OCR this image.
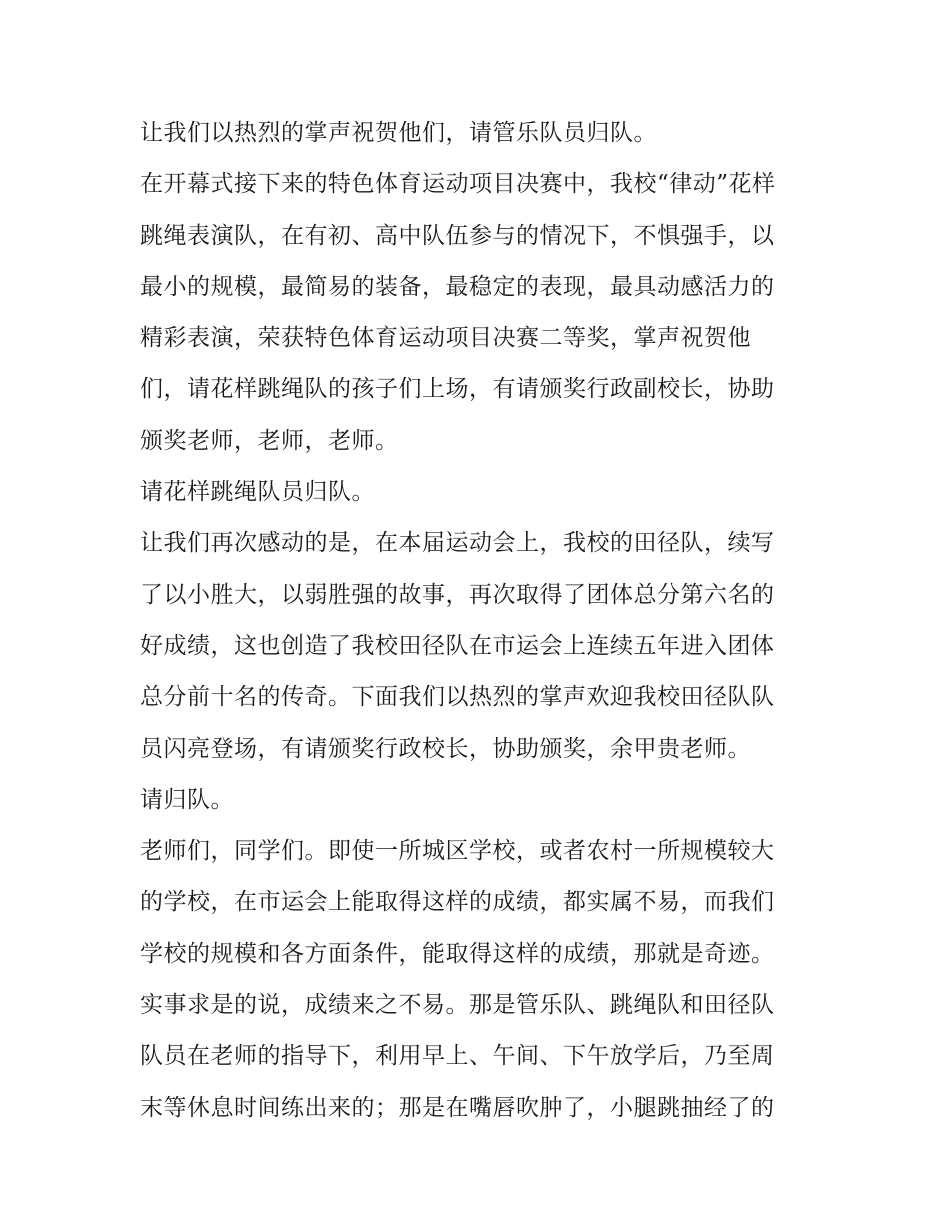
让我们以热烈的掌声祝贺他们，请管乐队员归队。
在开幕式接下来的特色体育运动项目决赛中，我校“律动”花样
跳绳表演队，在有初、高中队伍参与的情况下，不惧强手，以
最小的规模，最简易的装备，最稳定的表现，最具动感活力的
精彩表演，荣获特色体育运动项目决赛二等奖，掌声祝贺他
们，请花样跳绳队的孩子们上场，有请颁奖行政副校长，协助
颁奖老师，老师，老师。
请花样跳绳队员归队。
让我们再次感动的是，在本届运动会上，我校的田径队，续写
了以小胜大，以弱胜强的故事，再次取得了团体总分第六名的
好成绩，这也创造了我校田径队在市运会上连续五年进入团体
总分前十名的传奇。下面我们以热烈的掌声欢迎我校田径队队
员闪亮登场，有请颁奖行政校长，协助颁奖，余甲贵老师。
请归队。
老师们，同学们。即使一所城区学校，或者农村一所规模较大
的学校，在市运会上能取得这样的成绩，都实属不易，而我们
学校的规模和各方面条件，能取得这样的成绩，那就是奇迹。
实事求是的说，成绩来之不易。那是管乐队、跳绳队和田径队
队员在老师的指导下，利用早上、午间、下午放学后，乃至周
末等休息时间练出来的；那是在嘴唇吹肿了，小腿跳抽经了的
